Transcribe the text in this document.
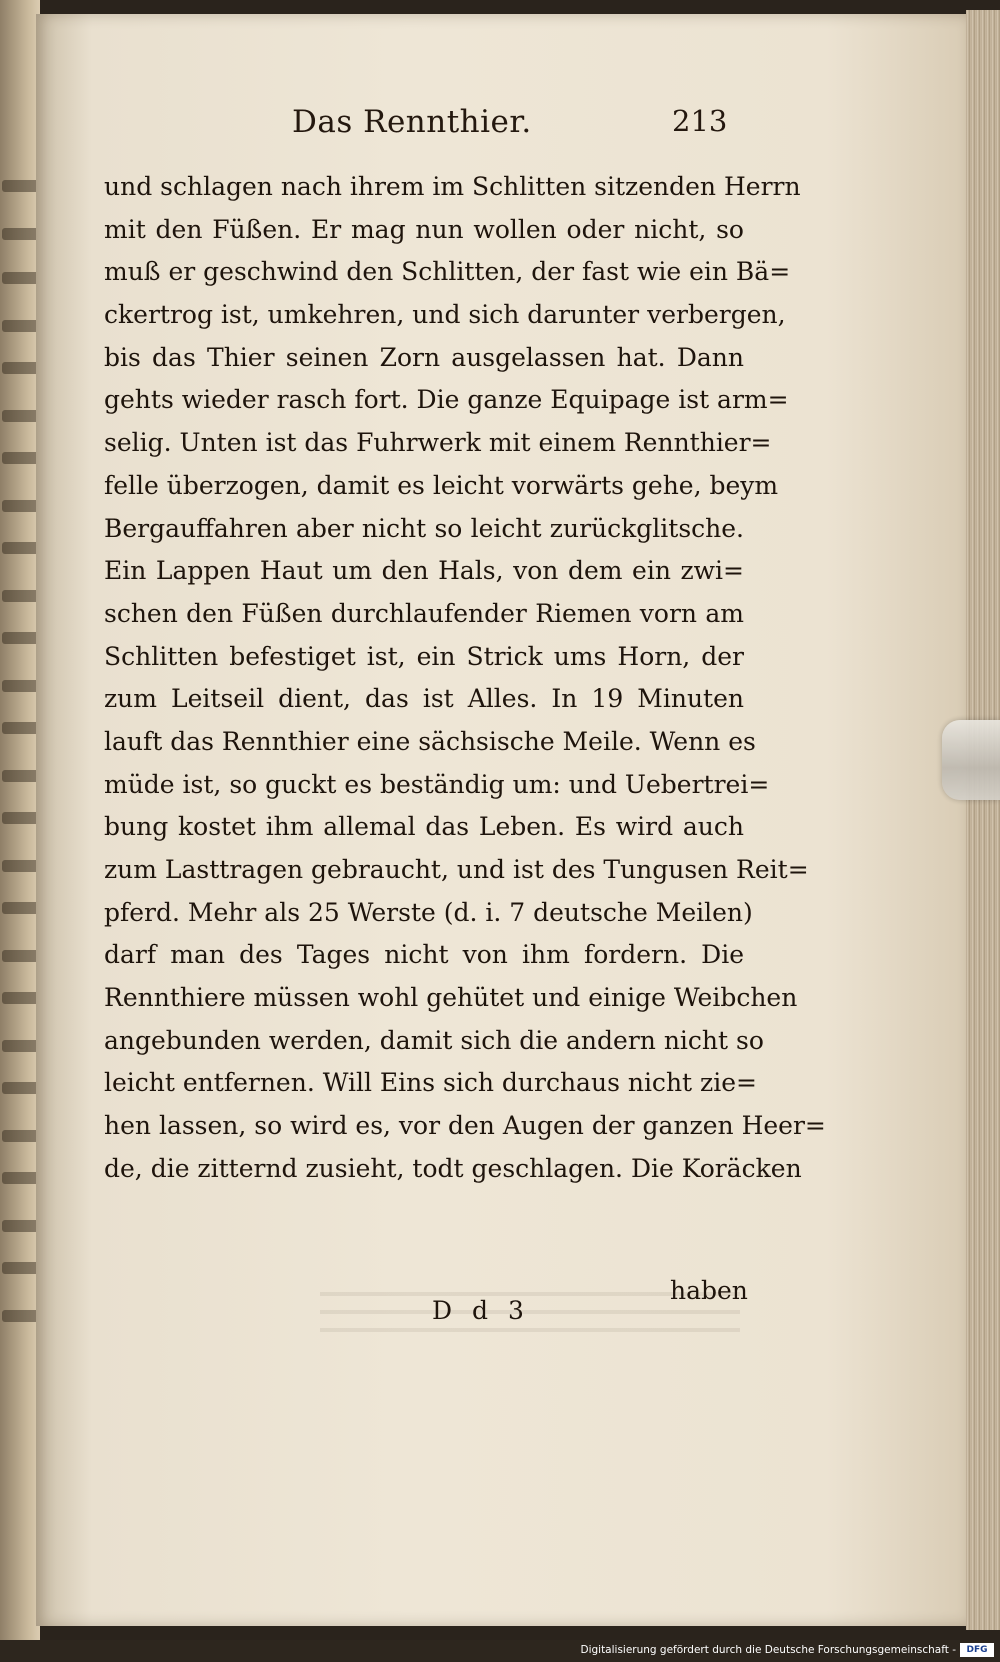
Das Rennthier.	213
und schlagen nach ihrem im Schlitten sitzenden Herrn
mit den Füßen. Er mag nun wollen oder nicht, so
muß er geschwind den Schlitten, der fast wie ein Bä=
ckertrog ist, umkehren, und sich darunter verbergen,
bis das Thier seinen Zorn ausgelassen hat. Dann
gehts wieder rasch fort. Die ganze Equipage ist arm=
selig. Unten ist das Fuhrwerk mit einem Rennthier=
felle überzogen, damit es leicht vorwärts gehe, beym
Bergauffahren aber nicht so leicht zurückglitsche.
Ein Lappen Haut um den Hals, von dem ein zwi=
schen den Füßen durchlaufender Riemen vorn am
Schlitten befestiget ist, ein Strick ums Horn, der
zum Leitseil dient, das ist Alles. In 19 Minuten
lauft das Rennthier eine sächsische Meile. Wenn es
müde ist, so guckt es beständig um: und Uebertrei=
bung kostet ihm allemal das Leben. Es wird auch
zum Lasttragen gebraucht, und ist des Tungusen Reit=
pferd. Mehr als 25 Werste (d. i. 7 deutsche Meilen)
darf man des Tages nicht von ihm fordern. Die
Rennthiere müssen wohl gehütet und einige Weibchen
angebunden werden, damit sich die andern nicht so
leicht entfernen. Will Eins sich durchaus nicht zie=
hen lassen, so wird es, vor den Augen der ganzen Heer=
de, die zitternd zusieht, todt geschlagen. Die Koräcken
D d 3
haben
Digitalisierung gefördert durch die Deutsche Forschungsgemeinschaft -	DFG
